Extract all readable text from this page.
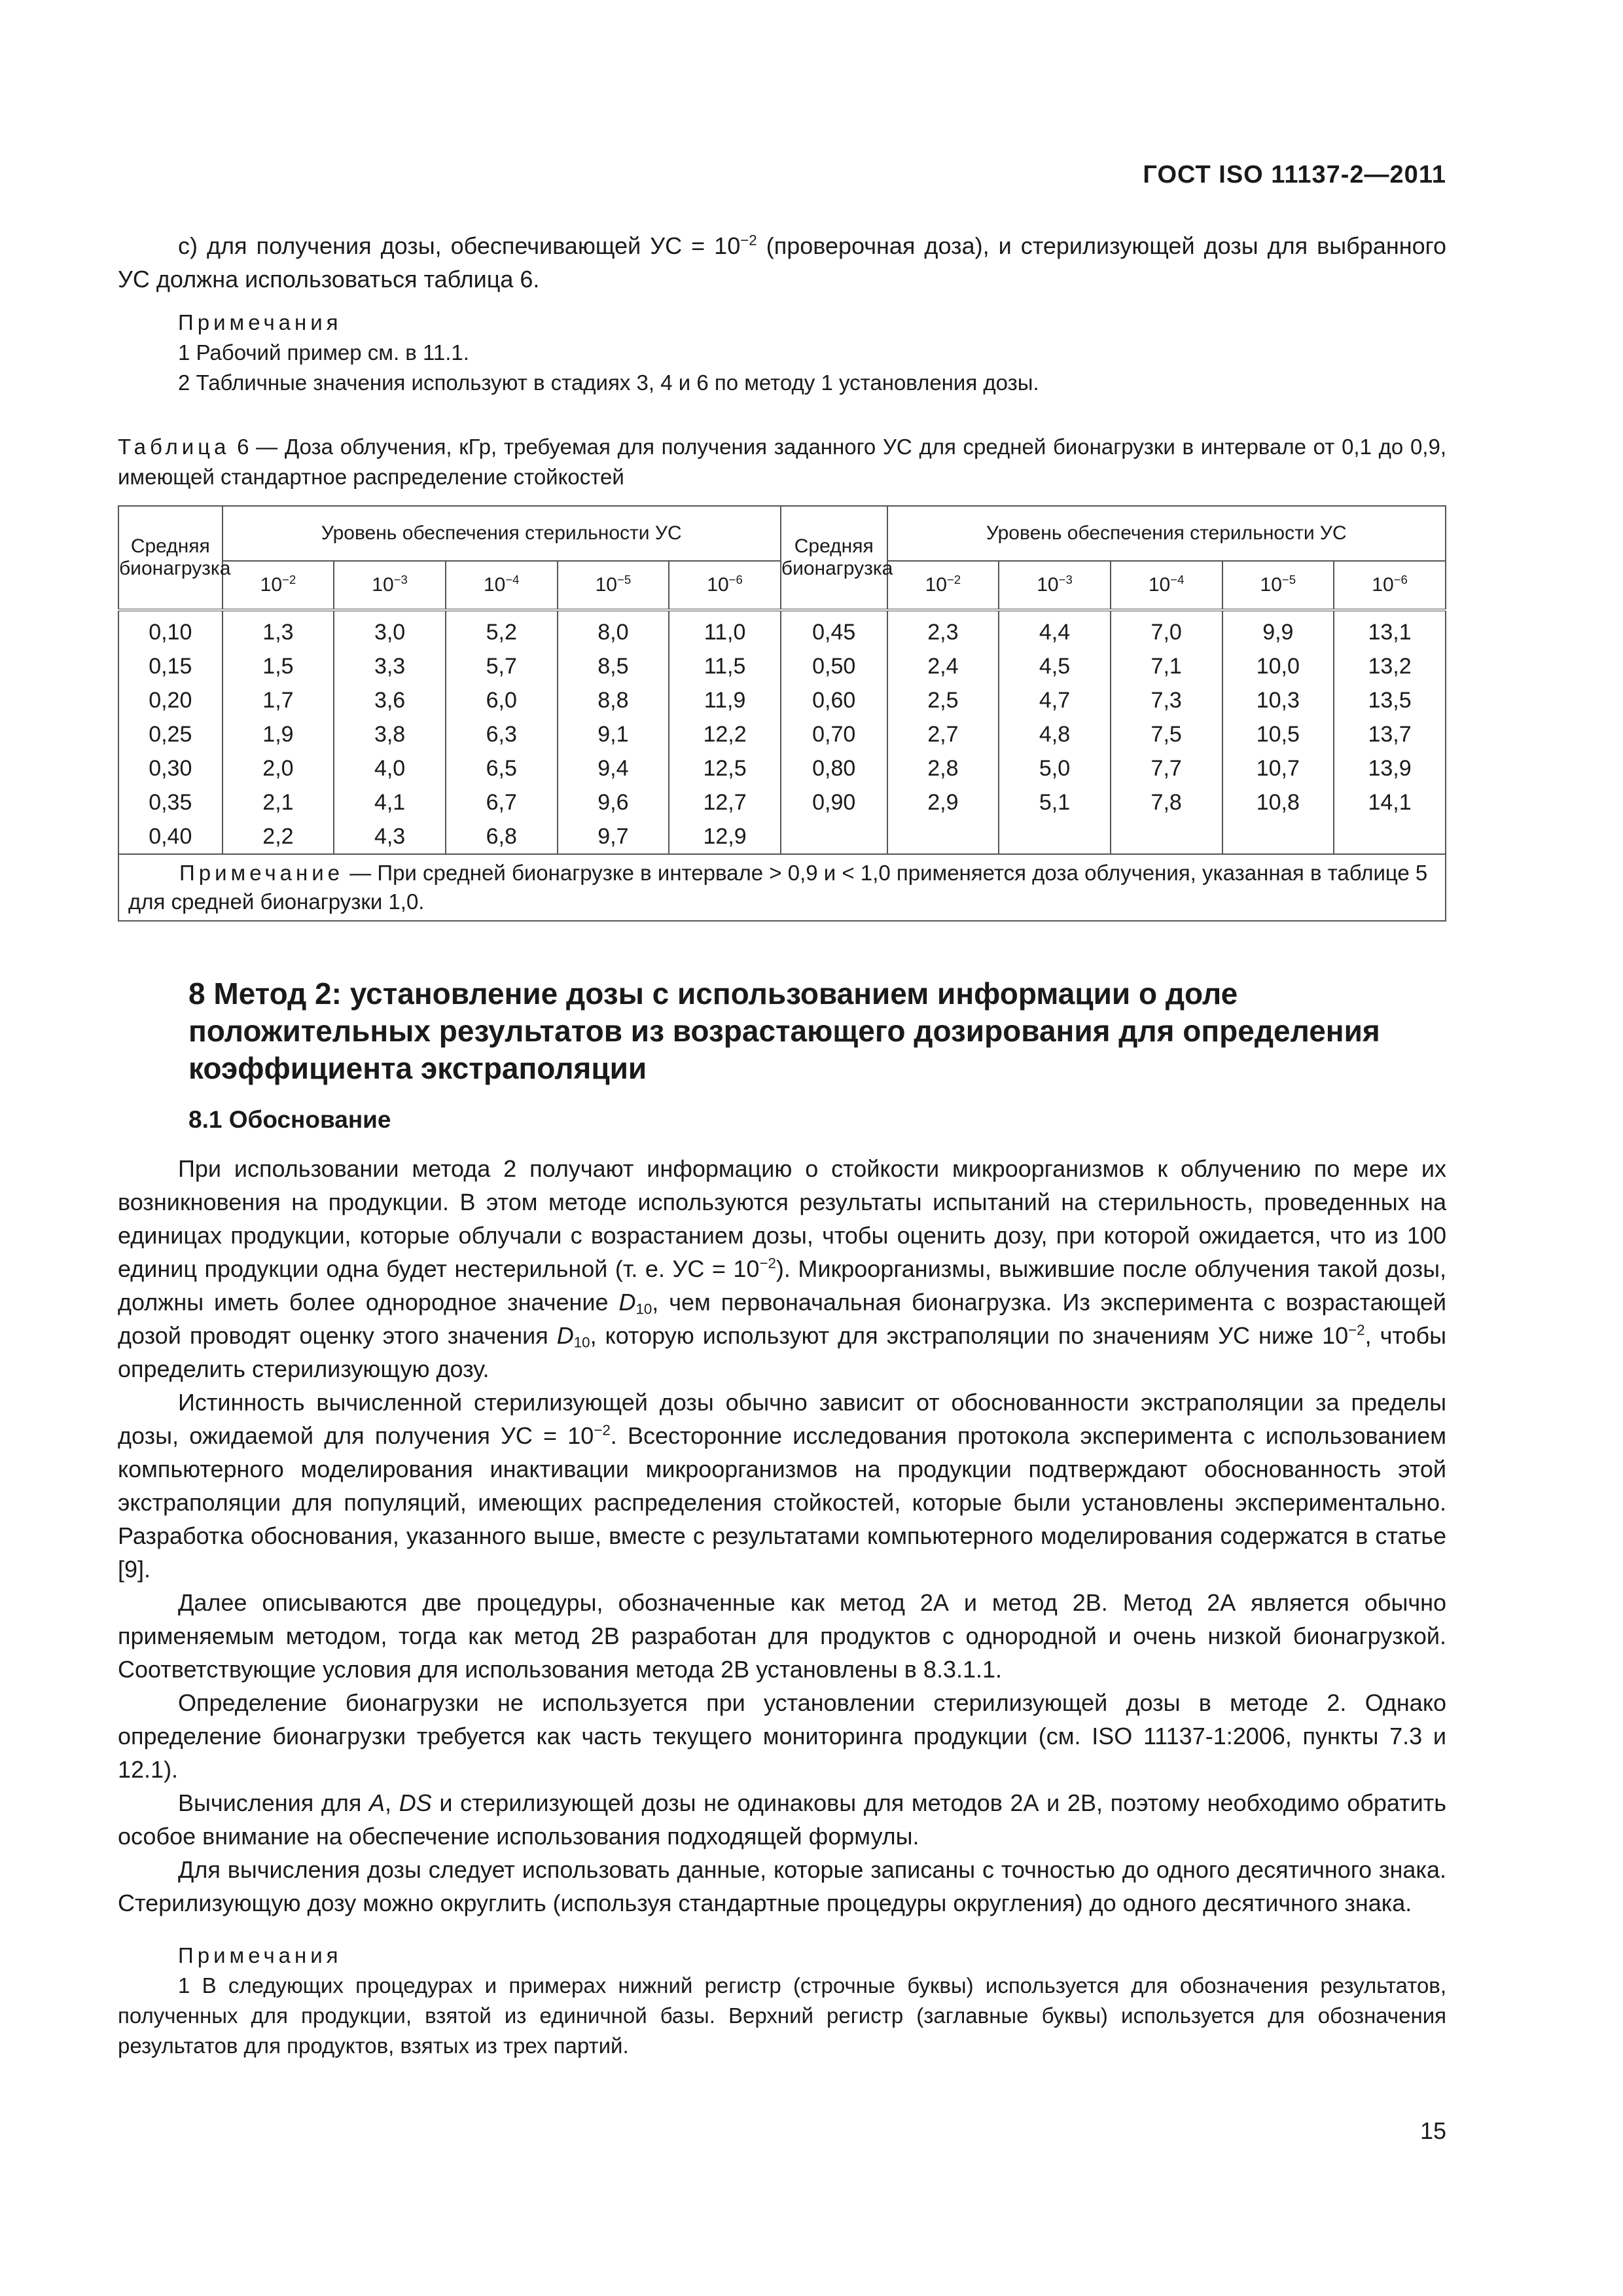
ГОСТ ISO 11137-2—2011

с) для получения дозы, обеспечивающей УС = $10^{-2}$ (проверочная доза), и стерилизующей дозы для выбранного УС должна использоваться таблица 6.

Примечания

1 Рабочий пример см. в 11.1.

2 Табличные значения используют в стадиях 3, 4 и 6 по методу 1 установления дозы.

Таблица 6 — Доза облучения, кГр, требуемая для получения заданного УС для средней бионагрузки в интервале от 0,1 до 0,9, имеющей стандартное распределение стойкостей

Средняя бионагрузка	Уровень обеспечения стерильности УС					Средняя бионагрузка	Уровень обеспечения стерильности УС				
	$10^{-2}$	$10^{-3}$	$10^{-4}$	$10^{-5}$	$10^{-6}$		$10^{-2}$	$10^{-3}$	$10^{-4}$	$10^{-5}$	$10^{-6}$
0,10	1,3	3,0	5,2	8,0	11,0	0,45	2,3	4,4	7,0	9,9	13,1
0,15	1,5	3,3	5,7	8,5	11,5	0,50	2,4	4,5	7,1	10,0	13,2
0,20	1,7	3,6	6,0	8,8	11,9	0,60	2,5	4,7	7,3	10,3	13,5
0,25	1,9	3,8	6,3	9,1	12,2	0,70	2,7	4,8	7,5	10,5	13,7
0,30	2,0	4,0	6,5	9,4	12,5	0,80	2,8	5,0	7,7	10,7	13,9
0,35	2,1	4,1	6,7	9,6	12,7	0,90	2,9	5,1	7,8	10,8	14,1
0,40	2,2	4,3	6,8	9,7	12,9						

Примечание — При средней бионагрузке в интервале > 0,9 и < 1,0 применяется доза облучения, указанная в таблице 5 для средней бионагрузки 1,0.											
8 Метод 2: установление дозы с использованием информации о доле положительных результатов из возрастающего дозирования для определения коэффициента экстраполяции
8.1 Обоснование

При использовании метода 2 получают информацию о стойкости микроорганизмов к облучению по мере их возникновения на продукции. В этом методе используются результаты испытаний на стерильность, проведенных на единицах продукции, которые облучали с возрастанием дозы, чтобы оценить дозу, при которой ожидается, что из 100 единиц продукции одна будет нестерильной (т. е. УС = $10^{-2}$). Микроорганизмы, выжившие после облучения такой дозы, должны иметь более однородное значение $D_{10}$, чем первоначальная бионагрузка. Из эксперимента с возрастающей дозой проводят оценку этого значения $D_{10}$, которую используют для экстраполяции по значениям УС ниже $10^{-2}$, чтобы определить стерилизующую дозу.

Истинность вычисленной стерилизующей дозы обычно зависит от обоснованности экстраполяции за пределы дозы, ожидаемой для получения УС = $10^{-2}$. Всесторонние исследования протокола эксперимента с использованием компьютерного моделирования инактивации микроорганизмов на продукции подтверждают обоснованность этой экстраполяции для популяций, имеющих распределения стойкостей, которые были установлены экспериментально. Разработка обоснования, указанного выше, вместе с результатами компьютерного моделирования содержатся в статье [9].

Далее описываются две процедуры, обозначенные как метод 2А и метод 2В. Метод 2А является обычно применяемым методом, тогда как метод 2В разработан для продуктов с однородной и очень низкой бионагрузкой. Соответствующие условия для использования метода 2В установлены в 8.3.1.1.

Определение бионагрузки не используется при установлении стерилизующей дозы в методе 2. Однако определение бионагрузки требуется как часть текущего мониторинга продукции (см. ISO 11137-1:2006, пункты 7.3 и 12.1).

Вычисления для A, DS и стерилизующей дозы не одинаковы для методов 2А и 2В, поэтому необходимо обратить особое внимание на обеспечение использования подходящей формулы.

Для вычисления дозы следует использовать данные, которые записаны с точностью до одного десятичного знака. Стерилизующую дозу можно округлить (используя стандартные процедуры округления) до одного десятичного знака.

Примечания

1 В следующих процедурах и примерах нижний регистр (строчные буквы) используется для обозначения результатов, полученных для продукции, взятой из единичной базы. Верхний регистр (заглавные буквы) используется для обозначения результатов для продуктов, взятых из трех партий.

15
